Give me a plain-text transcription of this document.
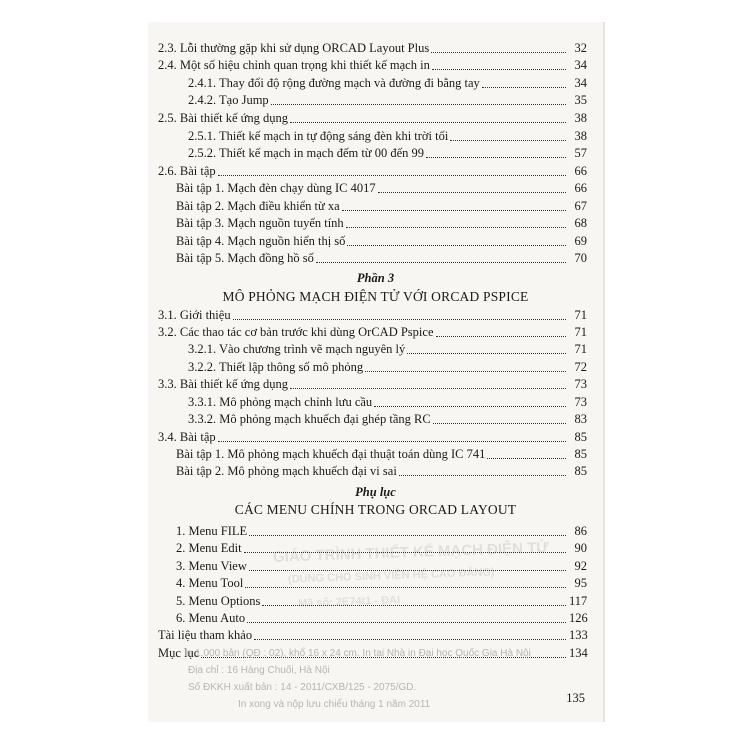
GIÁO TRÌNH THIẾT KẾ MẠCH ĐIỆN TỬ
(DÙNG CHO SINH VIÊN HỆ CAO ĐẲNG)
Mã số: 2E74t1 - ĐAI
2.3. Lỗi thường gặp khi sử dụng ORCAD Layout Plus	32
2.4. Một số hiệu chỉnh quan trọng khi thiết kế mạch in	34
2.4.1. Thay đổi độ rộng đường mạch và đường đi bằng tay	34
2.4.2. Tạo Jump	35
2.5. Bài thiết kế ứng dụng	38
2.5.1. Thiết kế mạch in tự động sáng đèn khi trời tối	38
2.5.2. Thiết kế mạch in mạch đếm từ 00 đến 99	57
2.6. Bài tập	66
Bài tập 1. Mạch đèn chạy dùng IC 4017	66
Bài tập 2. Mạch điều khiển từ xa	67
Bài tập 3. Mạch nguồn tuyến tính	68
Bài tập 4. Mạch nguồn hiển thị số	69
Bài tập 5. Mạch đồng hồ số	70
Phần 3
MÔ PHỎNG MẠCH ĐIỆN TỬ VỚI ORCAD PSPICE
3.1. Giới thiệu	71
3.2. Các thao tác cơ bản trước khi dùng OrCAD Pspice	71
3.2.1. Vào chương trình vẽ mạch nguyên lý	71
3.2.2. Thiết lập thông số mô phỏng	72
3.3. Bài thiết kế ứng dụng	73
3.3.1. Mô phỏng mạch chỉnh lưu cầu	73
3.3.2. Mô phỏng mạch khuếch đại ghép tầng RC	83
3.4. Bài tập	85
Bài tập 1. Mô phỏng mạch khuếch đại thuật toán dùng IC 741	85
Bài tập 2. Mô phỏng mạch khuếch đại vi sai	85
Phụ lục
CÁC MENU CHÍNH TRONG ORCAD LAYOUT
1. Menu FILE	86
2. Menu Edit	90
3. Menu View	92
4. Menu Tool	95
5. Menu Options	117
6. Menu Auto	126
Tài liệu tham khảo	133
Mục lục	134
In 1.000 bản (QĐ : 02), khổ 16 x 24 cm. In tại Nhà in Đại học Quốc Gia Hà Nội
Địa chỉ : 16 Hàng Chuối, Hà Nội
Số ĐKKH xuất bản : 14 - 2011/CXB/125 - 2075/GD.
In xong và nộp lưu chiểu tháng 1 năm 2011	135
